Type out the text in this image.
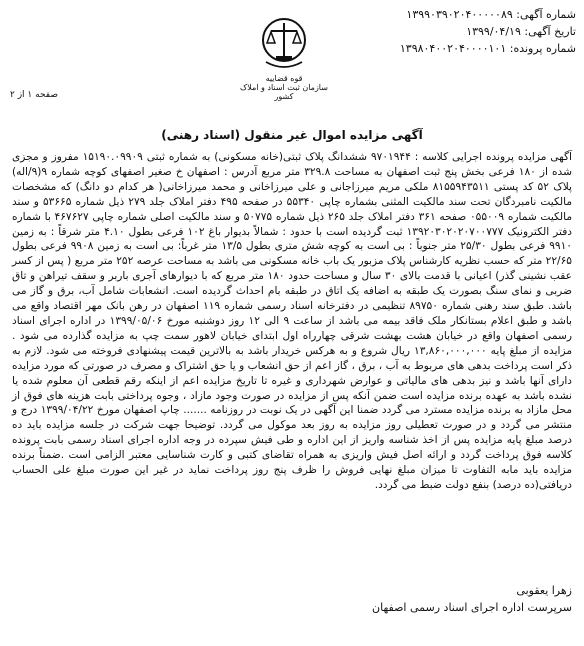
شماره آگهی: ۱۳۹۹۰۳۹۰۲۰۴۰۰۰۰۰۸۹
تاریخ آگهی: ۱۳۹۹/۰۴/۱۹
شماره پرونده: ۱۳۹۸۰۴۰۰۲۰۴۰۰۰۰۱۰۱
قوه قضاییه
سازمان ثبت اسناد و املاک کشور
صفحه ۱ از ۲
آگهی مزایده اموال غیر منقول (اسناد رهنی)

آگهی مزایده پرونده اجرایی کلاسه : ۹۷۰۱۹۴۴ ششدانگ پلاک ثبتی(خانه مسکونی) به شماره ثبتی ۱۵۱۹۰.۰۹۹۰۹ مفروز و مجزی شده از ۱۸۰ فرعی بخش پنج ثبت اصفهان به مساحت ۳۲۹.۸ متر مربع آدرس : اصفهان خ صغیر اصفهای کوچه شماره ۹(۹/اله) پلاک ۵۲ کد پستی ۸۱۵۵۹۴۳۵۱۱ ملکی مریم میرزاجانی و علی میرزاخانی و محمد میرزاخانی( هر کدام دو دانگ) که مشخصات مالکیت نامبردگان تحت سند مالکیت المثنی بشماره چاپی ۵۵۳۴۰ در صفحه ۴۹۵ دفتر املاک جلد ۲۷۹ ذیل شماره ۵۳۶۶۵ و سند مالکیت شماره ۰۵۵۰۰۹ صفحه ۳۶۱ دفتر املاک جلد ۲۶۵ ذیل شماره ۵۰۷۷۵ و سند مالکیت اصلی شماره چاپی ۴۶۷۶۲۷ با شماره دفتر الکترونیک ۱۳۹۲۰۳۰۲۰۲۰۷۰۰۷۷۷ ثبت گردیده است با حدود : شمالاً بدیوار باغ ۱۰۲ فرعی بطول ۴.۱۰ متر شرقاً : به زمین ۹۹۱۰ فرعی بطول ۲۵/۳۰ متر جنوباً : بی است به کوچه شش متری بطول ۱۳/۵ متر غرباً: بی است به زمین ۹۹۰۸ فرعی بطول ۲۲/۶۵ متر که حسب نظریه کارشناس پلاک مزبور یک باب خانه مسکونی می باشد به مساحت عرصه ۲۵۲ متر مربع ( پس از کسر عقب نشینی گذر) اعیانی با قدمت بالای ۳۰ سال و مساحت حدود ۱۸۰ متر مربع که با دیوارهای آجری باربر و سقف تیراهن و تاق ضربی و نمای سنگ بصورت یک طبقه به اضافه یک اتاق در طبقه بام احداث گردیده است. انشعابات شامل آب، برق و گاز می باشد. طبق سند رهنی شماره ۸۹۷۵۰ تنظیمی در دفترخانه اسناد رسمی شماره ۱۱۹ اصفهان در رهن بانک مهر اقتصاد واقع می باشد و طبق اعلام بستانکار ملک فاقد بیمه می باشد از ساعت ۹ الی ۱۲ روز دوشنبه مورخ ۱۳۹۹/۰۵/۰۶ در اداره اجرای اسناد رسمی اصفهان واقع در خیابان هشت بهشت شرقی چهارراه اول ابتدای خیابان لاهور سمت چپ به مزایده گذارده می شود . مزایده از مبلغ پایه ۱۳,۸۶۰,۰۰۰,۰۰۰ ریال شروع و به هرکس خریدار باشد به بالاترین قیمت پیشنهادی فروخته می شود. لازم به ذکر است پرداخت بدهی های مربوط به آب ، برق ، گاز اعم از حق انشعاب و یا حق اشتراک و مصرف در صورتی که مورد مزایده دارای آنها باشد و نیز بدهی های مالیاتی و عوارض شهرداری و غیره تا تاریخ مزایده اعم از اینکه رقم قطعی آن معلوم شده یا نشده باشد به عهده برنده مزایده است ضمن آنکه پس از مزایده در صورت وجود مازاد ، وجوه پرداختی بابت هزینه های فوق از محل مازاد به برنده مزایده مسترد می گردد ضمنا این آگهی در یک نوبت در روزنامه ....... چاپ اصفهان مورخ ۱۳۹۹/۰۴/۲۲ درج و منتشر می گردد و در صورت تعطیلی روز مزایده به روز بعد موکول می گردد. توضیحا جهت شرکت در جلسه مزایده باید ده درصد مبلغ پایه مزایده پس از اخذ شناسه واریز از این اداره و طی فیش سپرده در وجه اداره اجرای اسناد رسمی بابت پرونده کلاسه فوق پرداخت گردد و ارائه اصل فیش واریزی به همراه تقاضای کتبی و کارت شناسایی معتبر الزامی است .ضمناً برنده مزایده باید مابه التفاوت تا میزان مبلغ نهایی فروش را ظرف پنج روز پرداخت نماید در غیر این صورت مبلغ علی الحساب دریافتی(ده درصد) بنفع دولت ضبط می گردد.

زهرا یعقوبی
سرپرست اداره اجرای اسناد رسمی اصفهان
